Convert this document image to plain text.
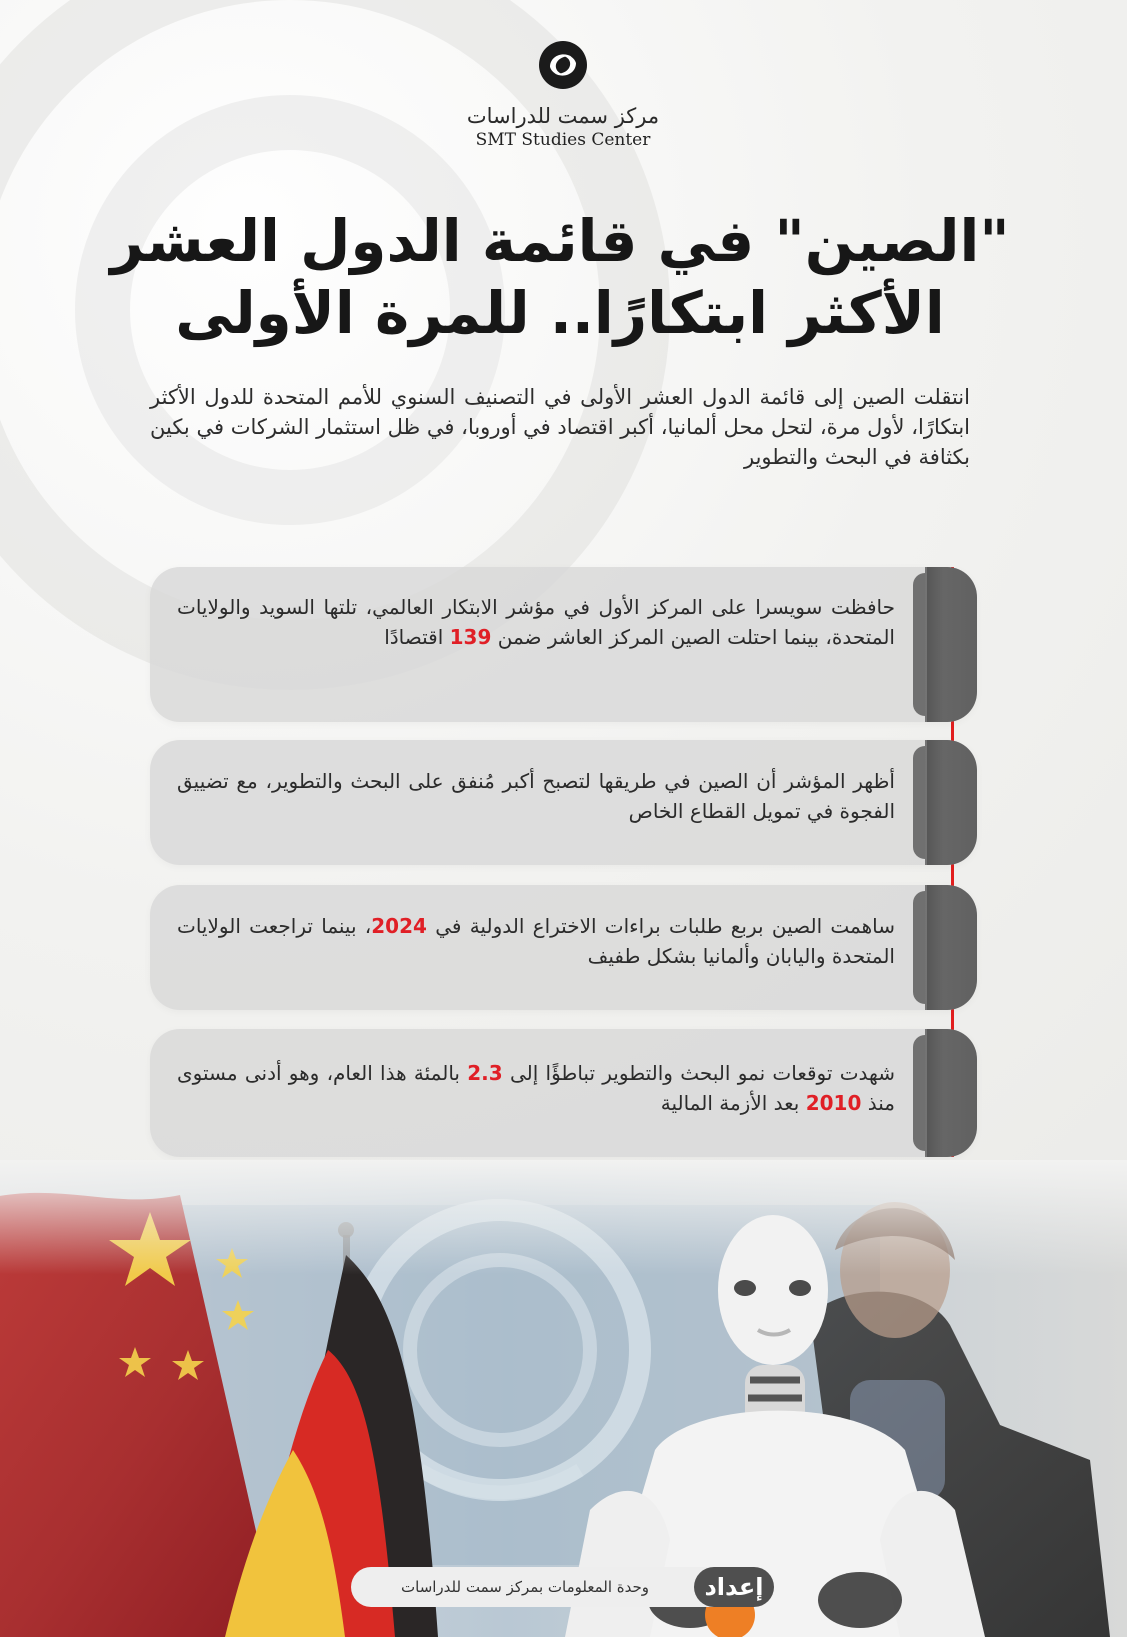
مركز سمت للدراسات
SMT Studies Center
"الصين" في قائمة الدول العشر
الأكثر ابتكارًا.. للمرة الأولى

انتقلت الصين إلى قائمة الدول العشر الأولى في التصنيف السنوي للأمم المتحدة للدول الأكثر ابتكارًا، لأول مرة، لتحل محل ألمانيا، أكبر اقتصاد في أوروبا، في ظل استثمار الشركات في بكين بكثافة في البحث والتطوير

حافظت سويسرا على المركز الأول في مؤشر الابتكار العالمي، تلتها السويد والولايات المتحدة، بينما احتلت الصين المركز العاشر ضمن 139 اقتصادًا

أظهر المؤشر أن الصين في طريقها لتصبح أكبر مُنفق على البحث والتطوير، مع تضييق الفجوة في تمويل القطاع الخاص

ساهمت الصين بربع طلبات براءات الاختراع الدولية في 2024، بينما تراجعت الولايات المتحدة واليابان وألمانيا بشكل طفيف

شهدت توقعات نمو البحث والتطوير تباطؤًا إلى 2.3 بالمئة هذا العام، وهو أدنى مستوى منذ 2010 بعد الأزمة المالية

إعداد
وحدة المعلومات بمركز سمت للدراسات
